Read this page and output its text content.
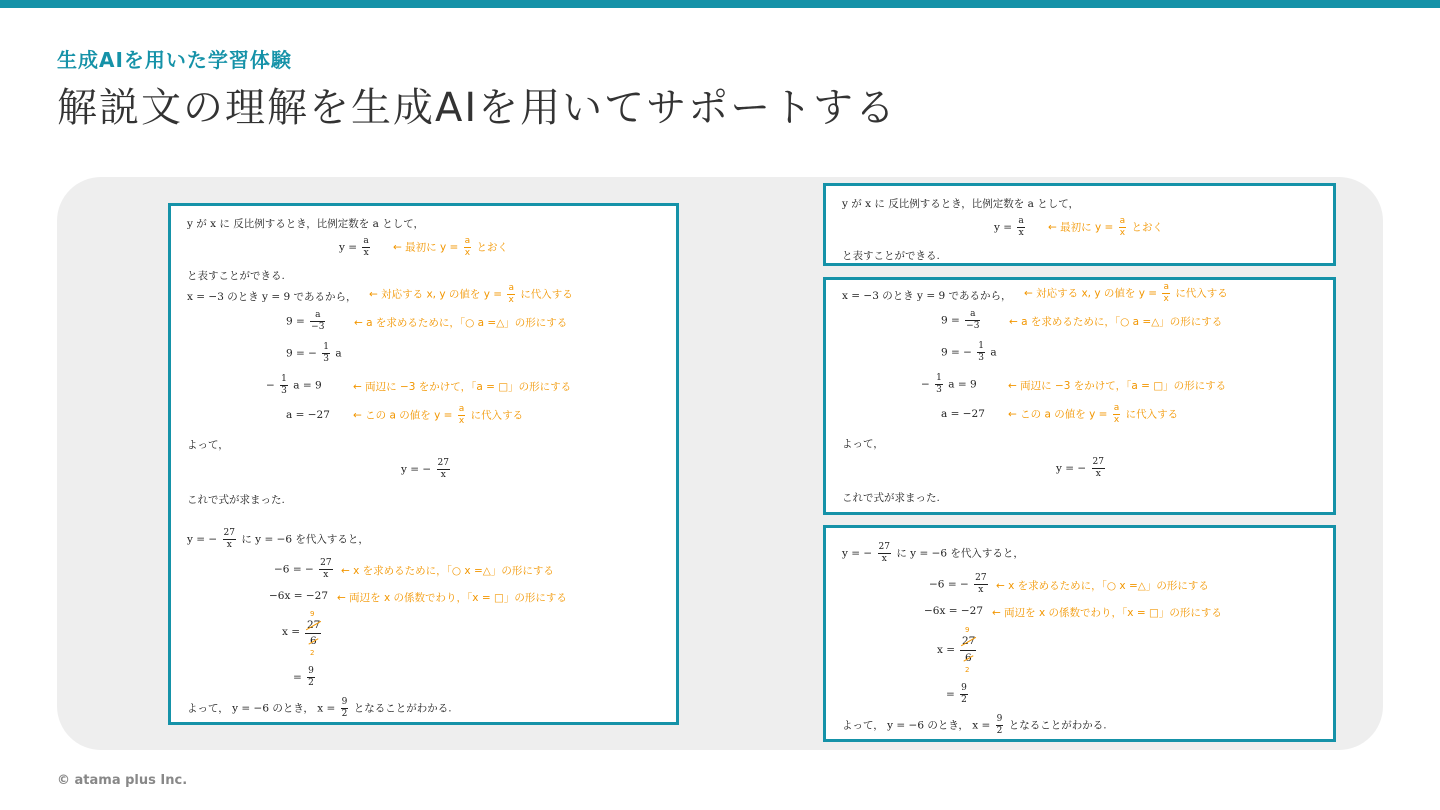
生成AIを用いた学習体験
解説文の理解を生成AIを用いてサポートする
y が x に 反比例するとき，比例定数を a として，
$y = \frac{a}{x}$ ← 最初に $y = \frac{a}{x}$ とおく
と表すことができる.
x = −3 のとき y = 9 であるから， ← 対応する x, y の値を $y = \frac{a}{x}$ に代入する
$9 = \frac{a}{-3}$	← a を求めるために，「○ a =△」の形にする
9 = − $\frac{1}{3}$ a
− $\frac{1}{3}$ a = 9	← 両辺に −3 をかけて，「a = □」の形にする
a = −27 ← この a の値を $y = \frac{a}{x}$ に代入する
よって，
y = − $\frac{27}{x}$
これで式が求まった.
y = − $\frac{27}{x}$ に y = −6 を代入すると，
−6 = − $\frac{27}{x}$ ← x を求めるために，「○ x =△」の形にする
−6x = −27 ← 両辺を x の係数でわり，「x = □」の形にする
x =
9
27
6
2
= $\frac{9}{2}$
よって， y = −6 のとき， $x = \frac{9}{2}$ となることがわかる.
y が x に 反比例するとき，比例定数を a として，
$y = \frac{a}{x}$ ← 最初に $y = \frac{a}{x}$ とおく
と表すことができる.
x = −3 のとき y = 9 であるから， ← 対応する x, y の値を $y = \frac{a}{x}$ に代入する
$9 = \frac{a}{-3}$	← a を求めるために，「○ a =△」の形にする
9 = − $\frac{1}{3}$ a
− $\frac{1}{3}$ a = 9	← 両辺に −3 をかけて，「a = □」の形にする
a = −27 ← この a の値を $y = \frac{a}{x}$ に代入する
よって，
y = − $\frac{27}{x}$
これで式が求まった.
y = − $\frac{27}{x}$ に y = −6 を代入すると，
−6 = − $\frac{27}{x}$ ← x を求めるために，「○ x =△」の形にする
−6x = −27 ← 両辺を x の係数でわり，「x = □」の形にする
x =
9
27
6
2
= $\frac{9}{2}$
よって， y = −6 のとき， $x = \frac{9}{2}$ となることがわかる.
© atama plus Inc.
